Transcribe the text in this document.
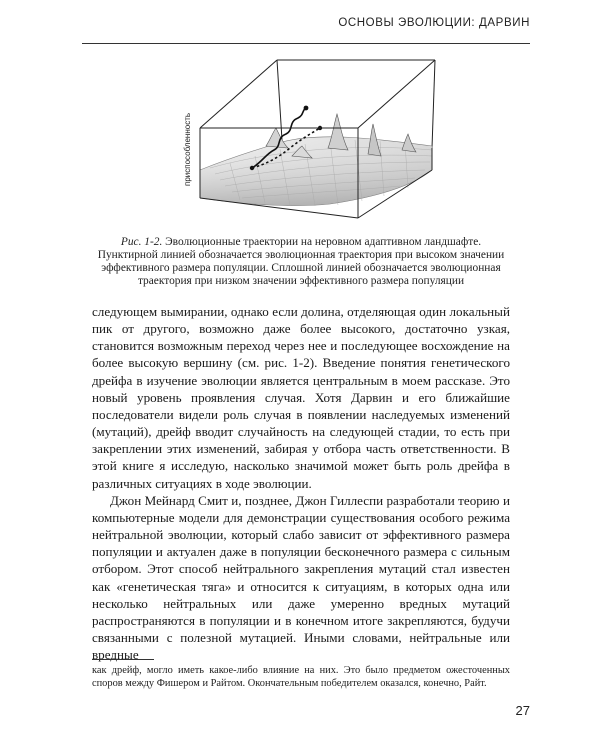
ОСНОВЫ ЭВОЛЮЦИИ: ДАРВИН
приспособленность
Рис. 1-2. Эволюционные траектории на неровном адаптивном ландшафте. Пунктирной линией обозначается эволюционная траектория при высоком значении эффективного размера популяции. Сплошной линией обозначается эволюционная траектория при низком значении эффективного размера популяции

следующем вымирании, однако если долина, отделяющая один локальный пик от другого, возможно даже более высокого, достаточно узкая, становится возможным переход через нее и последующее восхождение на более высокую вершину (см. рис. 1-2). Введение понятия генетического дрейфа в изучение эволюции является центральным в моем рассказе. Это новый уровень проявления случая. Хотя Дарвин и его ближайшие последователи видели роль случая в появлении наследуемых изменений (мутаций), дрейф вводит случайность на следующей стадии, то есть при закреплении этих изменений, забирая у отбора часть ответственности. В этой книге я исследую, насколько значимой может быть роль дрейфа в различных ситуациях в ходе эволюции.

Джон Мейнард Смит и, позднее, Джон Гиллеспи разработали теорию и компьютерные модели для демонстрации существования особого режима нейтральной эволюции, который слабо зависит от эффективного размера популяции и актуален даже в популяции бесконечного размера с сильным отбором. Этот способ нейтрального закрепления мутаций стал известен как «генетическая тяга» и относится к ситуациям, в которых одна или несколько нейтральных или даже умеренно вредных мутаций распространяются в популяции и в конечном итоге закрепляются, будучи связанными с полезной мутацией. Иными словами, нейтральные или вредные

как дрейф, могло иметь какое-либо влияние на них. Это было предметом ожесточенных споров между Фишером и Райтом. Окончательным победителем оказался, конечно, Райт.
27
